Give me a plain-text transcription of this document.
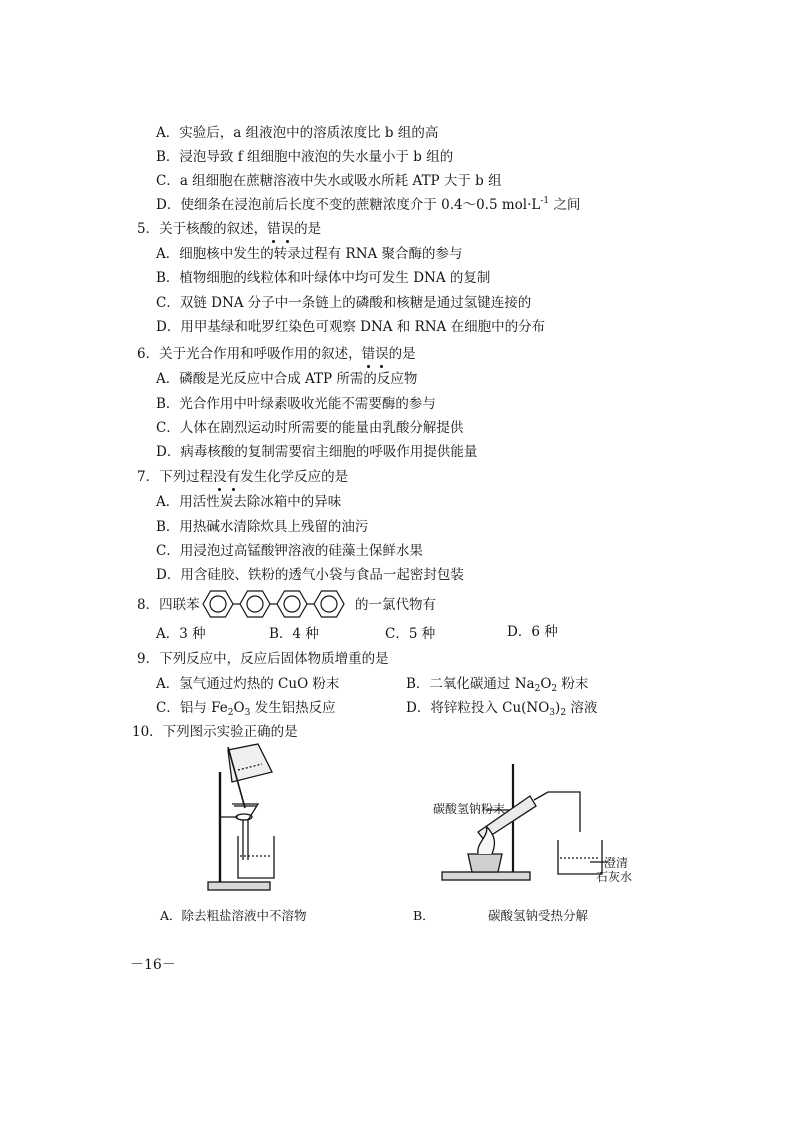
A．实验后，a 组液泡中的溶质浓度比 b 组的高
B．浸泡导致 f 组细胞中液泡的失水量小于 b 组的
C．a 组细胞在蔗糖溶液中失水或吸水所耗 ATP 大于 b 组
D．使细条在浸泡前后长度不变的蔗糖浓度介于 0.4～0.5 $mol\cdot L^{-1}$ 之间
5．关于核酸的叙述，错误的是
A．细胞核中发生的转录过程有 RNA 聚合酶的参与
B．植物细胞的线粒体和叶绿体中均可发生 DNA 的复制
C．双链 DNA 分子中一条链上的磷酸和核糖是通过氢键连接的
D．用甲基绿和吡罗红染色可观察 DNA 和 RNA 在细胞中的分布
6．关于光合作用和呼吸作用的叙述，错误的是
A．磷酸是光反应中合成 ATP 所需的反应物
B．光合作用中叶绿素吸收光能不需要酶的参与
C．人体在剧烈运动时所需要的能量由乳酸分解提供
D．病毒核酸的复制需要宿主细胞的呼吸作用提供能量
7．下列过程没有发生化学反应的是
A．用活性炭去除冰箱中的异味
B．用热碱水清除炊具上残留的油污
C．用浸泡过高锰酸钾溶液的硅藻土保鲜水果
D．用含硅胶、铁粉的透气小袋与食品一起密封包装
8．四联苯	的一氯代物有
A．3 种	B．4 种	C．5 种	D．6 种
9．下列反应中，反应后固体物质增重的是
A．氢气通过灼热的 CuO 粉末	B．二氧化碳通过 $Na_2O_2$ 粉末
C．铝与 $Fe_2O_3$ 发生铝热反应	D．将锌粒投入 $Cu(NO_3)_2$ 溶液
10．下列图示实验正确的是
A．除去粗盐溶液中不溶物
碳酸氢钠粉末
澄清
石灰水
B．	碳酸氢钠受热分解
－16－
